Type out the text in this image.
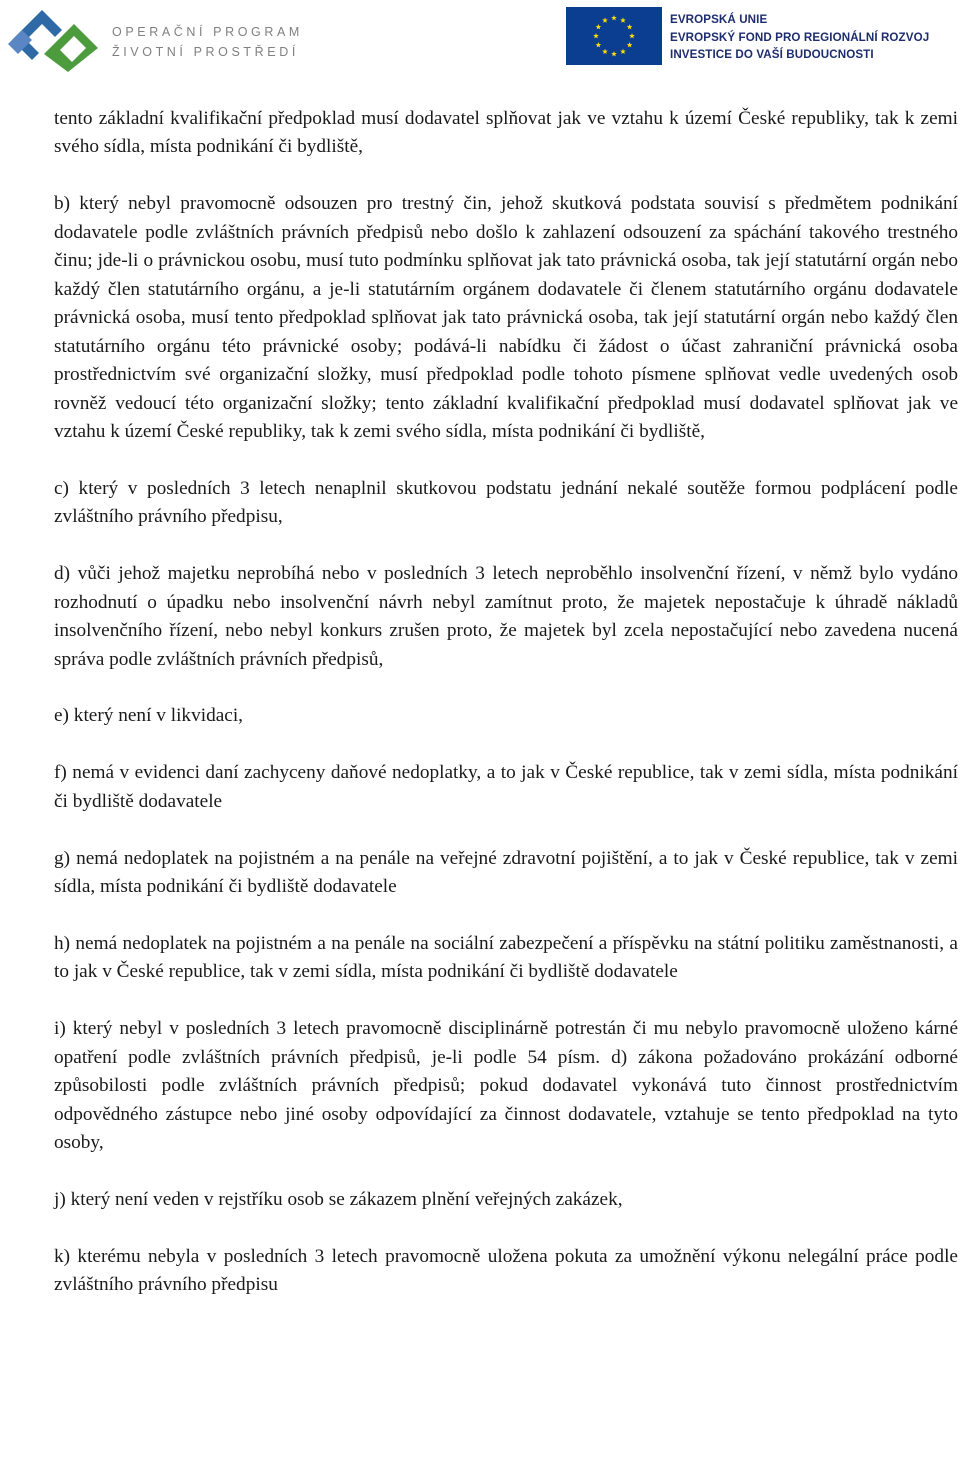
OPERAČNÍ PROGRAM
ŽIVOTNÍ PROSTŘEDÍ
EVROPSKÁ UNIE
EVROPSKÝ FOND PRO REGIONÁLNÍ ROZVOJ
INVESTICE DO VAŠÍ BUDOUCNOSTI

tento základní kvalifikační předpoklad musí dodavatel splňovat jak ve vztahu k území České republiky, tak k zemi svého sídla, místa podnikání či bydliště,

b) který nebyl pravomocně odsouzen pro trestný čin, jehož skutková podstata souvisí s předmětem podnikání dodavatele podle zvláštních právních předpisů nebo došlo k zahlazení odsouzení za spáchání takového trestného činu; jde-li o právnickou osobu, musí tuto podmínku splňovat jak tato právnická osoba, tak její statutární orgán nebo každý člen statutárního orgánu, a je-li statutárním orgánem dodavatele či členem statutárního orgánu dodavatele právnická osoba, musí tento předpoklad splňovat jak tato právnická osoba, tak její statutární orgán nebo každý člen statutárního orgánu této právnické osoby; podává-li nabídku či žádost o účast zahraniční právnická osoba prostřednictvím své organizační složky, musí předpoklad podle tohoto písmene splňovat vedle uvedených osob rovněž vedoucí této organizační složky; tento základní kvalifikační předpoklad musí dodavatel splňovat jak ve vztahu k území České republiky, tak k zemi svého sídla, místa podnikání či bydliště,

c) který v posledních 3 letech nenaplnil skutkovou podstatu jednání nekalé soutěže formou podplácení podle zvláštního právního předpisu,

d) vůči jehož majetku neprobíhá nebo v posledních 3 letech neproběhlo insolvenční řízení, v němž bylo vydáno rozhodnutí o úpadku nebo insolvenční návrh nebyl zamítnut proto, že majetek nepostačuje k úhradě nákladů insolvenčního řízení, nebo nebyl konkurs zrušen proto, že majetek byl zcela nepostačující nebo zavedena nucená správa podle zvláštních právních předpisů,

e) který není v likvidaci,

f) nemá v evidenci daní zachyceny daňové nedoplatky, a to jak v České republice, tak v zemi sídla, místa podnikání či bydliště dodavatele

g) nemá nedoplatek na pojistném a na penále na veřejné zdravotní pojištění, a to jak v České republice, tak v zemi sídla, místa podnikání či bydliště dodavatele

h) nemá nedoplatek na pojistném a na penále na sociální zabezpečení a příspěvku na státní politiku zaměstnanosti, a to jak v České republice, tak v zemi sídla, místa podnikání či bydliště dodavatele

i) který nebyl v posledních 3 letech pravomocně disciplinárně potrestán či mu nebylo pravomocně uloženo kárné opatření podle zvláštních právních předpisů, je-li podle 54 písm. d) zákona požadováno prokázání odborné způsobilosti podle zvláštních právních předpisů; pokud dodavatel vykonává tuto činnost prostřednictvím odpovědného zástupce nebo jiné osoby odpovídající za činnost dodavatele, vztahuje se tento předpoklad na tyto osoby,

j) který není veden v rejstříku osob se zákazem plnění veřejných zakázek,

k) kterému nebyla v posledních 3 letech pravomocně uložena pokuta za umožnění výkonu nelegální práce podle zvláštního právního předpisu
